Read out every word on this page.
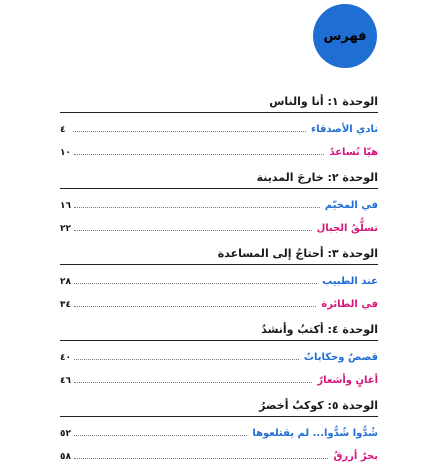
فهرس
الوحدة ١: أنا والناس
نادي الأصدقاء
٤
هيّا نُساعدُ
١٠
الوحدة ٢: خارجَ المدينة
في المخيّم
١٦
تسلُّقُ الجبال
٢٢
الوحدة ٣: أحتاجُ إلى المساعدة
عند الطبيب
٢٨
في الطائرة
٣٤
الوحدة ٤: أكتبُ وأنشدُ
قصصٌ وحكاياتٌ
٤٠
أغانٍ وأشعارٌ
٤٦
الوحدة ٥: كوكبٌ أخضرُ
شُدُّوا شُدُّوا... لم يقتلعوها
٥٢
بحرٌ أزرقُ
٥٨
